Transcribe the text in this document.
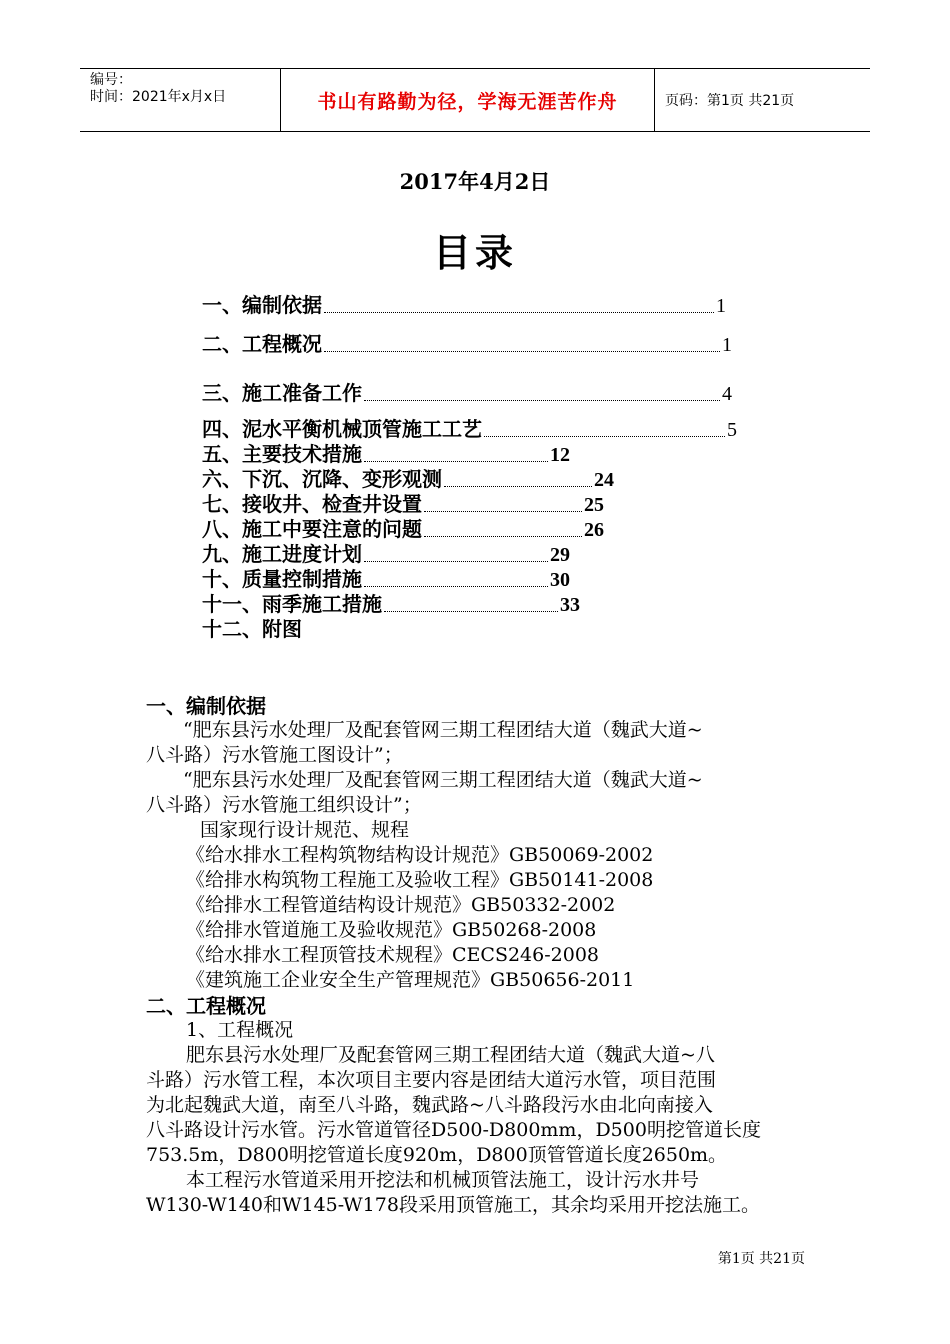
编号：
时间：2021年x月x日	书山有路勤为径，学海无涯苦作舟	页码：第1页 共21页
2017年4月2日
目录
一、编制依据	1
二、工程概况	1
三、施工准备工作	4
四、泥水平衡机械顶管施工工艺	5
五、主要技术措施	12
六、下沉、沉降、变形观测	24
七、接收井、检查井设置	25
八、施工中要注意的问题	26
九、施工进度计划	29
十、质量控制措施	30
十一、雨季施工措施	33
十二、附图
一、编制依据
“肥东县污水处理厂及配套管网三期工程团结大道（魏武大道~
八斗路）污水管施工图设计”；
“肥东县污水处理厂及配套管网三期工程团结大道（魏武大道~
八斗路）污水管施工组织设计”；
国家现行设计规范、规程
《给水排水工程构筑物结构设计规范》GB50069-2002
《给排水构筑物工程施工及验收工程》GB50141-2008
《给排水工程管道结构设计规范》GB50332-2002
《给排水管道施工及验收规范》GB50268-2008
《给水排水工程顶管技术规程》CECS246-2008
《建筑施工企业安全生产管理规范》GB50656-2011
二、工程概况
1、工程概况
肥东县污水处理厂及配套管网三期工程团结大道（魏武大道~八
斗路）污水管工程，本次项目主要内容是团结大道污水管，项目范围
为北起魏武大道，南至八斗路，魏武路~八斗路段污水由北向南接入
八斗路设计污水管。污水管道管径D500-D800mm，D500明挖管道长度
753.5m，D800明挖管道长度920m，D800顶管管道长度2650m。
本工程污水管道采用开挖法和机械顶管法施工，设计污水井号
W130-W140和W145-W178段采用顶管施工，其余均采用开挖法施工。
第1页 共21页
